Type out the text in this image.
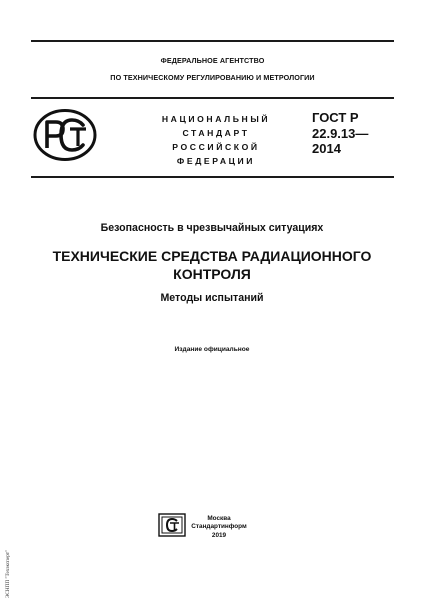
ФЕДЕРАЛЬНОЕ АГЕНТСТВО
ПО ТЕХНИЧЕСКОМУ РЕГУЛИРОВАНИЮ И МЕТРОЛОГИИ
НАЦИОНАЛЬНЫЙ
СТАНДАРТ
РОССИЙСКОЙ
ФЕДЕРАЦИИ
ГОСТ Р
22.9.13—
2014
Безопасность в чрезвычайных ситуациях
ТЕХНИЧЕСКИЕ СРЕДСТВА РАДИАЦИОННОГО
КОНТРОЛЯ
Методы испытаний
Издание официальное
Москва
Стандартинформ
2019
ЭСНПП "Техэксперт"
